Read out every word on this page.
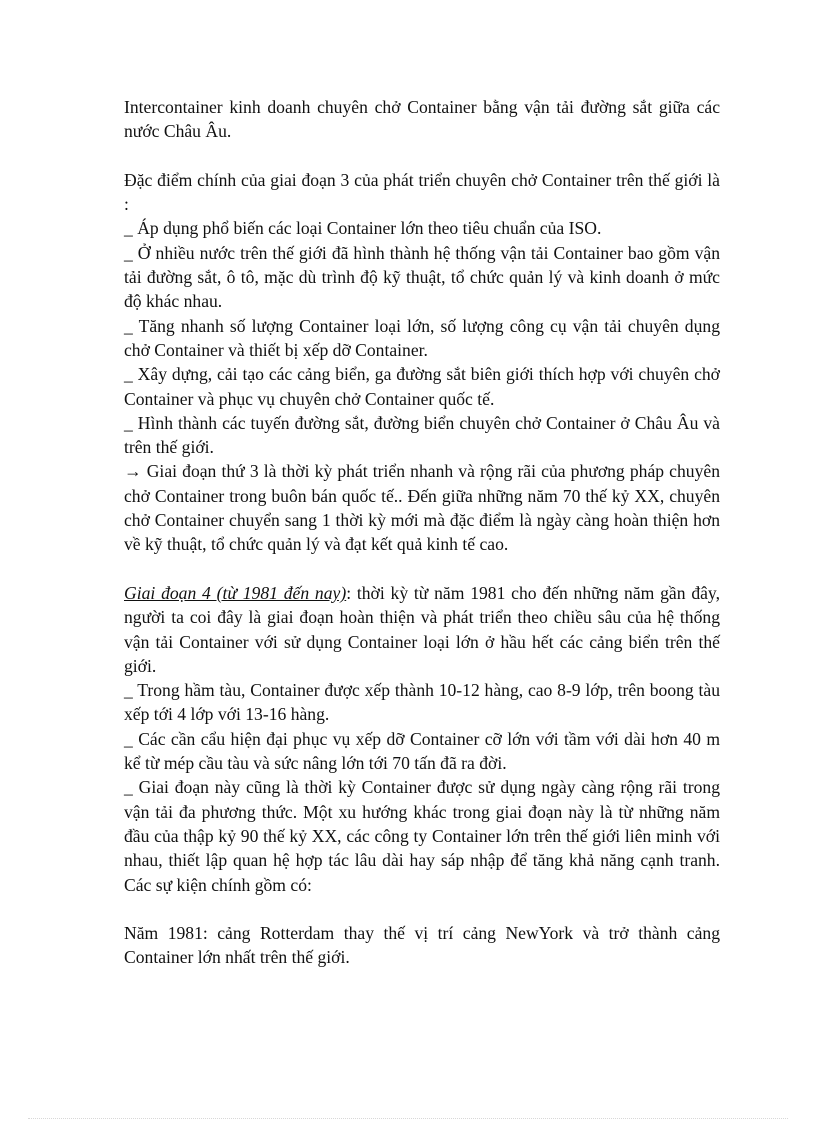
Intercontainer kinh doanh chuyên chở Container bằng vận tải đường sắt giữa các nước Châu Âu.

Đặc điểm chính của giai đoạn 3 của phát triển chuyên chở Container trên thế giới là :

_ Áp dụng phổ biến các loại Container lớn theo tiêu chuẩn của ISO.

_ Ở nhiều nước trên thế giới đã hình thành hệ thống vận tải Container bao gồm vận tải đường sắt, ô tô, mặc dù trình độ kỹ thuật, tổ chức quản lý và kinh doanh ở mức độ khác nhau.

_ Tăng nhanh số lượng Container loại lớn, số lượng công cụ vận tải chuyên dụng chở Container và thiết bị xếp dỡ Container.

_ Xây dựng, cải tạo các cảng biển, ga đường sắt biên giới thích hợp với chuyên chở Container và phục vụ chuyên chở Container quốc tế.

_ Hình thành các tuyến đường sắt, đường biển chuyên chở Container ở Châu Âu và trên thế giới.

→ Giai đoạn thứ 3 là thời kỳ phát triển nhanh và rộng rãi của phương pháp chuyên chở Container trong buôn bán quốc tế.. Đến giữa những năm 70 thế kỷ XX, chuyên chở Container chuyển sang 1 thời kỳ mới mà đặc điểm là ngày càng hoàn thiện hơn về kỹ thuật, tổ chức quản lý và đạt kết quả kinh tế cao.

Giai đoạn 4 (từ 1981 đến nay): thời kỳ từ năm 1981 cho đến những năm gần đây, người ta coi đây là giai đoạn hoàn thiện và phát triển theo chiều sâu của hệ thống vận tải Container với sử dụng Container loại lớn ở hầu hết các cảng biển trên thế giới.

_ Trong hầm tàu, Container được xếp thành 10-12 hàng, cao 8-9 lớp, trên boong tàu xếp tới 4 lớp với 13-16 hàng.

_ Các cần cẩu hiện đại phục vụ xếp dỡ Container cỡ lớn với tầm với dài hơn 40 m kể từ mép cầu tàu và sức nâng lớn tới 70 tấn đã ra đời.

_ Giai đoạn này cũng là thời kỳ Container được sử dụng ngày càng rộng rãi trong vận tải đa phương thức. Một xu hướng khác trong giai đoạn này là từ những năm đầu của thập kỷ 90 thế kỷ XX, các công ty Container lớn trên thế giới liên minh với nhau, thiết lập quan hệ hợp tác lâu dài hay sáp nhập để tăng khả năng cạnh tranh. Các sự kiện chính gồm có:

Năm 1981: cảng Rotterdam thay thế vị trí cảng NewYork và trở thành cảng Container lớn nhất trên thế giới.
